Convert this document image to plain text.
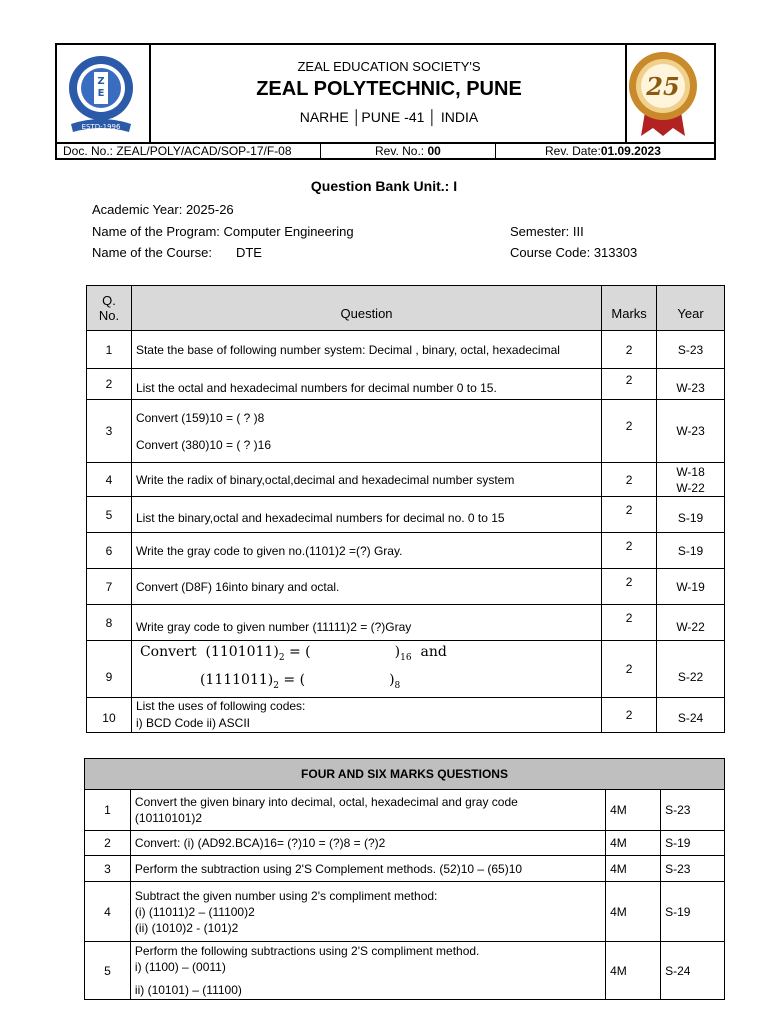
Z
E
ESTD-1996
ZEAL EDUCATION SOCIETY'S
ZEAL POLYTECHNIC, PUNE
NARHE │PUNE -41 │ INDIA
25
Doc. No.: ZEAL/POLY/ACAD/SOP-17/F-08	Rev. No.: 00	Rev. Date:01.09.2023
Question Bank Unit.: I
Academic Year: 2025-26
Name of the Program: Computer Engineering
Name of the Course: DTE
Semester: III
Course Code: 313303
Q. No.	Question	Marks	Year
1	State the base of following number system: Decimal , binary, octal, hexadecimal	2	S-23
2	List the octal and hexadecimal numbers for decimal number 0 to 15.	2	W-23
3	Convert (159)10 = ( ? )8
Convert (380)10 = ( ? )16	2	W-23
4	Write the radix of binary,octal,decimal and hexadecimal number system	2	W-18
W-22

5	List the binary,octal and hexadecimal numbers for decimal no. 0 to 15	2	S-19
6	Write the gray code to given no.(1101)2 =(?) Gray.	2	S-19
7	Convert (D8F) 16into binary and octal.	2	W-19
8	Write gray code to given number (11111)2 = (?)Gray	2	W-22
9	Convert $(1101011)_2$ = ( )$_{16}$ and
$(1111011)_2$ = ( )$_8$	2	S-22
10	List the uses of following codes:
i) BCD Code ii) ASCII	2	S-24
FOUR AND SIX MARKS QUESTIONS			
1	Convert the given binary into decimal, octal, hexadecimal and gray code
(10110101)2	4M	S-23
2	Convert: (i) (AD92.BCA)16= (?)10 = (?)8 = (?)2	4M	S-19
3	Perform the subtraction using 2'S Complement methods. (52)10 – (65)10	4M	S-23
4	Subtract the given number using 2's compliment method:
(i) (11011)2 – (11100)2
(ii) (1010)2 - (101)2	4M	S-19
5	Perform the following subtractions using 2'S compliment method.
i) (1100) – (0011)
ii) (10101) – (11100)	4M	S-24
